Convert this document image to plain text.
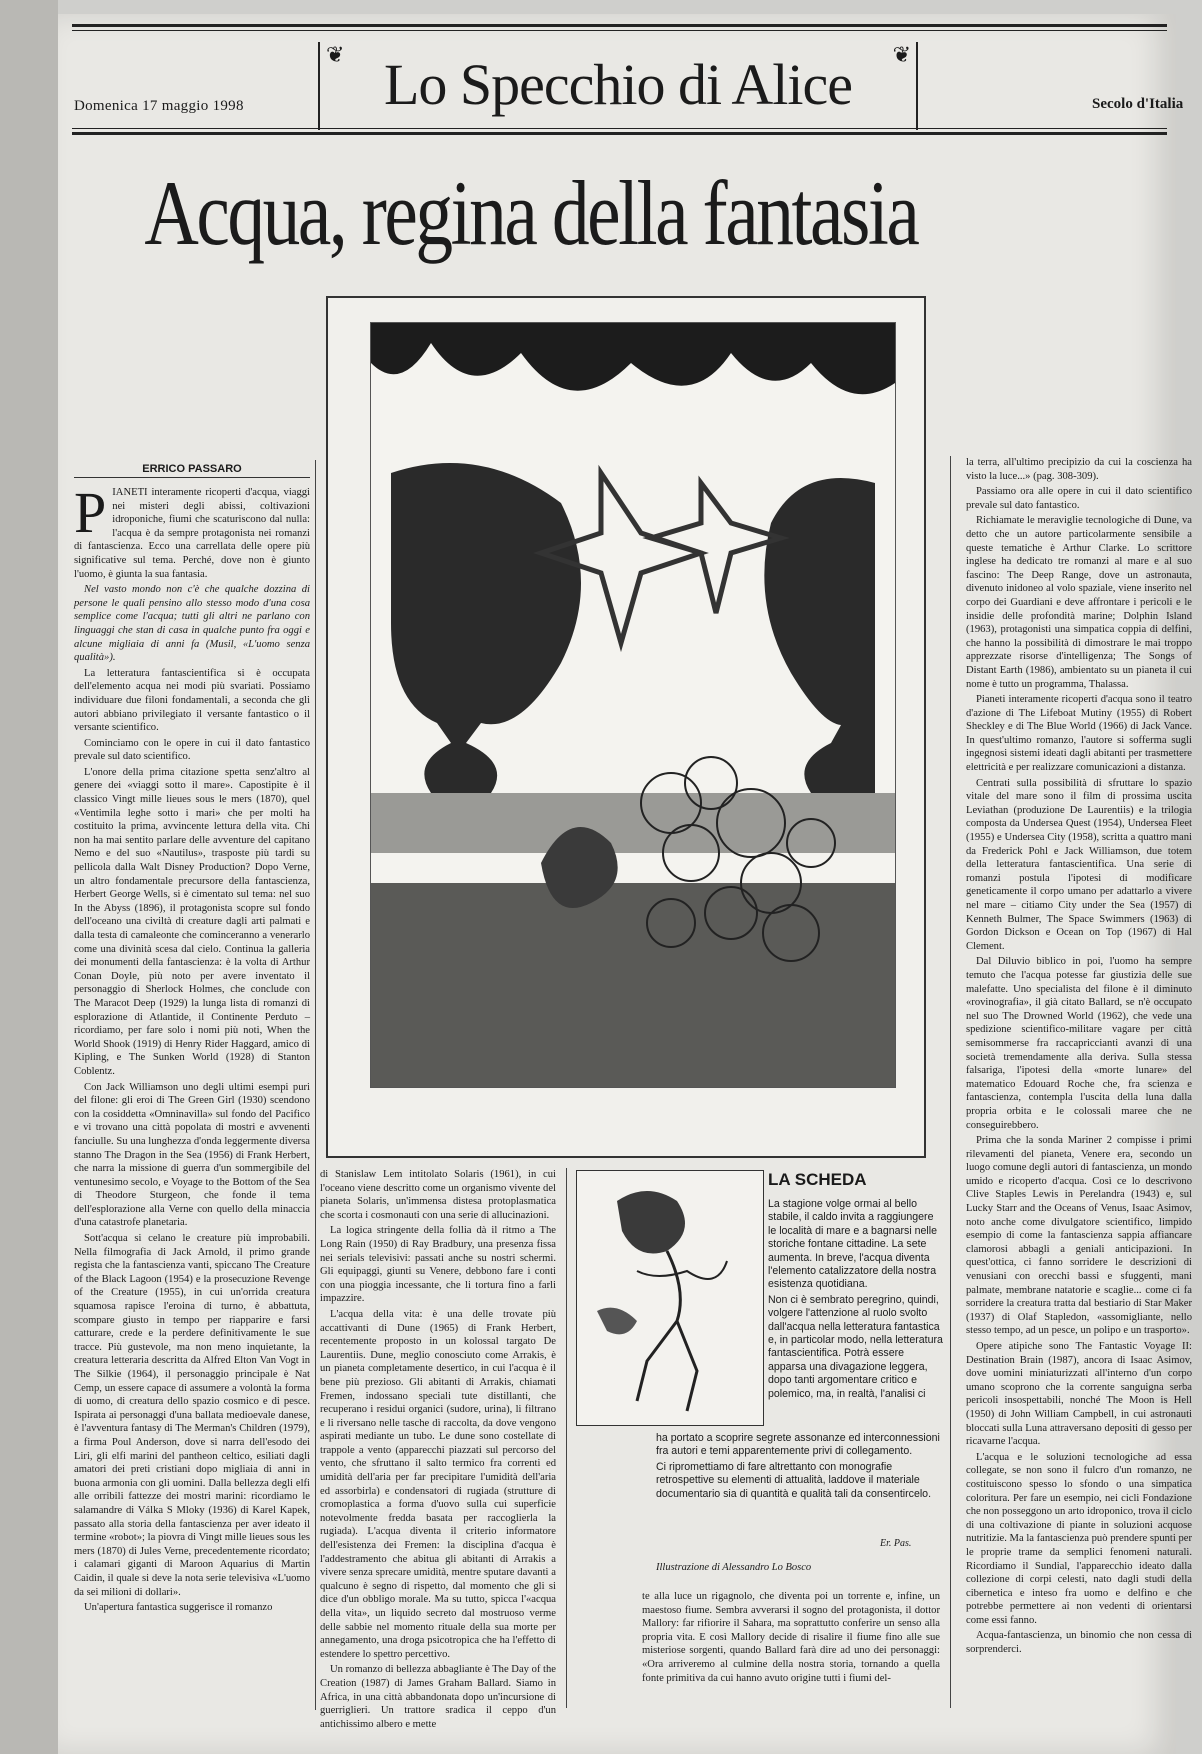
Domenica 17 maggio 1998	Secolo d'Italia
❦ Lo Specchio di Alice ❦
Acqua, regina della fantasia
ERRICO PASSARO

PIANETI interamente ricoperti d'acqua, viaggi nei misteri degli abissi, coltivazioni idroponiche, fiumi che scaturiscono dal nulla: l'acqua è da sempre protagonista nei romanzi di fantascienza. Ecco una carrellata delle opere più significative sul tema. Perché, dove non è giunto l'uomo, è giunta la sua fantasia.

Nel vasto mondo non c'è che qualche dozzina di persone le quali pensino allo stesso modo d'una cosa semplice come l'acqua; tutti gli altri ne parlano con linguaggi che stan di casa in qualche punto fra oggi e alcune migliaia di anni fa (Musil, «L'uomo senza qualità»).

La letteratura fantascientifica si è occupata dell'elemento acqua nei modi più svariati. Possiamo individuare due filoni fondamentali, a seconda che gli autori abbiano privilegiato il versante fantastico o il versante scientifico.

Cominciamo con le opere in cui il dato fantastico prevale sul dato scientifico.

L'onore della prima citazione spetta senz'altro al genere dei «viaggi sotto il mare». Capostipite è il classico Vingt mille lieues sous le mers (1870), quel «Ventimila leghe sotto i mari» che per molti ha costituito la prima, avvincente lettura della vita. Chi non ha mai sentito parlare delle avventure del capitano Nemo e del suo «Nautilus», trasposte più tardi su pellicola dalla Walt Disney Production? Dopo Verne, un altro fondamentale precursore della fantascienza, Herbert George Wells, si è cimentato sul tema: nel suo In the Abyss (1896), il protagonista scopre sul fondo dell'oceano una civiltà di creature dagli arti palmati e dalla testa di camaleonte che cominceranno a venerarlo come una divinità scesa dal cielo. Continua la galleria dei monumenti della fantascienza: è la volta di Arthur Conan Doyle, più noto per avere inventato il personaggio di Sherlock Holmes, che conclude con The Maracot Deep (1929) la lunga lista di romanzi di esplorazione di Atlantide, il Continente Perduto – ricordiamo, per fare solo i nomi più noti, When the World Shook (1919) di Henry Rider Haggard, amico di Kipling, e The Sunken World (1928) di Stanton Coblentz.

Con Jack Williamson uno degli ultimi esempi puri del filone: gli eroi di The Green Girl (1930) scendono con la cosiddetta «Omninavilla» sul fondo del Pacifico e vi trovano una città popolata di mostri e avvenenti fanciulle. Su una lunghezza d'onda leggermente diversa stanno The Dragon in the Sea (1956) di Frank Herbert, che narra la missione di guerra d'un sommergibile del ventunesimo secolo, e Voyage to the Bottom of the Sea di Theodore Sturgeon, che fonde il tema dell'esplorazione alla Verne con quello della minaccia d'una catastrofe planetaria.

Sott'acqua si celano le creature più improbabili. Nella filmografia di Jack Arnold, il primo grande regista che la fantascienza vanti, spiccano The Creature of the Black Lagoon (1954) e la prosecuzione Revenge of the Creature (1955), in cui un'orrida creatura squamosa rapisce l'eroina di turno, è abbattuta, scompare giusto in tempo per riapparire e farsi catturare, crede e la perdere definitivamente le sue tracce. Più gustevole, ma non meno inquietante, la creatura letteraria descritta da Alfred Elton Van Vogt in The Silkie (1964), il personaggio principale è Nat Cemp, un essere capace di assumere a volontà la forma di uomo, di creatura dello spazio cosmico e di pesce. Ispirata ai personaggi d'una ballata medioevale danese, è l'avventura fantasy di The Merman's Children (1979), a firma Poul Anderson, dove si narra dell'esodo dei Liri, gli elfi marini del pantheon celtico, esiliati dagli amatori dei preti cristiani dopo migliaia di anni in buona armonia con gli uomini. Dalla bellezza degli elfi alle orribili fattezze dei mostri marini: ricordiamo le salamandre di Válka S Mloky (1936) di Karel Kapek, passato alla storia della fantascienza per aver ideato il termine «robot»; la piovra di Vingt mille lieues sous les mers (1870) di Jules Verne, precedentemente ricordato; i calamari giganti di Maroon Aquarius di Martin Caidin, il quale si deve la nota serie televisiva «L'uomo da sei milioni di dollari».

Un'apertura fantastica suggerisce il romanzo

di Stanislaw Lem intitolato Solaris (1961), in cui l'oceano viene descritto come un organismo vivente del pianeta Solaris, un'immensa distesa protoplasmatica che scorta i cosmonauti con una serie di allucinazioni.

La logica stringente della follia dà il ritmo a The Long Rain (1950) di Ray Bradbury, una presenza fissa nei serials televisivi: passati anche su nostri schermi. Gli equipaggi, giunti su Venere, debbono fare i conti con una pioggia incessante, che li tortura fino a farli impazzire.

L'acqua della vita: è una delle trovate più accattivanti di Dune (1965) di Frank Herbert, recentemente proposto in un kolossal targato De Laurentiis. Dune, meglio conosciuto come Arrakis, è un pianeta completamente desertico, in cui l'acqua è il bene più prezioso. Gli abitanti di Arrakis, chiamati Fremen, indossano speciali tute distillanti, che recuperano i residui organici (sudore, urina), li filtrano e li riversano nelle tasche di raccolta, da dove vengono aspirati mediante un tubo. Le dune sono costellate di trappole a vento (apparecchi piazzati sul percorso del vento, che sfruttano il salto termico fra correnti ed umidità dell'aria per far precipitare l'umidità dell'aria ed assorbirla) e condensatori di rugiada (strutture di cromoplastica a forma d'uovo sulla cui superficie notevolmente fredda basata per raccoglierla la rugiada). L'acqua diventa il criterio informatore dell'esistenza dei Fremen: la disciplina d'acqua è l'addestramento che abitua gli abitanti di Arrakis a vivere senza sprecare umidità, mentre sputare davanti a qualcuno è segno di rispetto, dal momento che gli si dice d'un obbligo morale. Ma su tutto, spicca l'«acqua della vita», un liquido secreto dal mostruoso verme delle sabbie nel momento rituale della sua morte per annegamento, una droga psicotropica che ha l'effetto di estendere lo spettro percettivo.

Un romanzo di bellezza abbagliante è The Day of the Creation (1987) di James Graham Ballard. Siamo in Africa, in una città abbandonata dopo un'incursione di guerriglieri. Un trattore sradica il ceppo d'un antichissimo albero e mette

LA SCHEDA

La stagione volge ormai al bello stabile, il caldo invita a raggiungere le località di mare e a bagnarsi nelle storiche fontane cittadine. La sete aumenta. In breve, l'acqua diventa l'elemento catalizzatore della nostra esistenza quotidiana.

Non ci è sembrato peregrino, quindi, volgere l'attenzione al ruolo svolto dall'acqua nella letteratura fantastica e, in particolar modo, nella letteratura fantascientifica. Potrà essere apparsa una divagazione leggera, dopo tanti argomentare critico e polemico, ma, in realtà, l'analisi ci

ha portato a scoprire segrete assonanze ed interconnessioni fra autori e temi apparentemente privi di collegamento.

Ci ripromettiamo di fare altrettanto con monografie retrospettive su elementi di attualità, laddove il materiale documentario sia di quantità e qualità tali da consentircelo.

Er. Pas.
Illustrazione di Alessandro Lo Bosco

te alla luce un rigagnolo, che diventa poi un torrente e, infine, un maestoso fiume. Sembra avverarsi il sogno del protagonista, il dottor Mallory: far rifiorire il Sahara, ma soprattutto conferire un senso alla propria vita. E così Mallory decide di risalire il fiume fino alle sue misteriose sorgenti, quando Ballard farà dire ad uno dei personaggi: «Ora arriveremo al culmine della nostra storia, tornando a quella fonte primitiva da cui hanno avuto origine tutti i fiumi del-

la terra, all'ultimo precipizio da cui la coscienza ha visto la luce...» (pag. 308-309).

Passiamo ora alle opere in cui il dato scientifico prevale sul dato fantastico.

Richiamate le meraviglie tecnologiche di Dune, va detto che un autore particolarmente sensibile a queste tematiche è Arthur Clarke. Lo scrittore inglese ha dedicato tre romanzi al mare e al suo fascino: The Deep Range, dove un astronauta, divenuto inidoneo al volo spaziale, viene inserito nel corpo dei Guardiani e deve affrontare i pericoli e le insidie delle profondità marine; Dolphin Island (1963), protagonisti una simpatica coppia di delfini, che hanno la possibilità di dimostrare le mai troppo apprezzate risorse d'intelligenza; The Songs of Distant Earth (1986), ambientato su un pianeta il cui nome è tutto un programma, Thalassa.

Pianeti interamente ricoperti d'acqua sono il teatro d'azione di The Lifeboat Mutiny (1955) di Robert Sheckley e di The Blue World (1966) di Jack Vance. In quest'ultimo romanzo, l'autore si sofferma sugli ingegnosi sistemi ideati dagli abitanti per trasmettere elettricità e per realizzare comunicazioni a distanza.

Centrati sulla possibilità di sfruttare lo spazio vitale del mare sono il film di prossima uscita Leviathan (produzione De Laurentiis) e la trilogia composta da Undersea Quest (1954), Undersea Fleet (1955) e Undersea City (1958), scritta a quattro mani da Frederick Pohl e Jack Williamson, due totem della letteratura fantascientifica. Una serie di romanzi postula l'ipotesi di modificare geneticamente il corpo umano per adattarlo a vivere nel mare – citiamo City under the Sea (1957) di Kenneth Bulmer, The Space Swimmers (1963) di Gordon Dickson e Ocean on Top (1967) di Hal Clement.

Dal Diluvio biblico in poi, l'uomo ha sempre temuto che l'acqua potesse far giustizia delle sue malefatte. Uno specialista del filone è il diminuto «rovinografia», il già citato Ballard, se n'è occupato nel suo The Drowned World (1962), che vede una spedizione scientifico-militare vagare per città semisommerse fra raccapriccianti avanzi di una società tremendamente alla deriva. Sulla stessa falsariga, l'ipotesi della «morte lunare» del matematico Edouard Roche che, fra scienza e fantascienza, contempla l'uscita della luna dalla propria orbita e le colossali maree che ne conseguirebbero.

Prima che la sonda Mariner 2 compisse i primi rilevamenti del pianeta, Venere era, secondo un luogo comune degli autori di fantascienza, un mondo umido e ricoperto d'acqua. Così ce lo descrivono Clive Staples Lewis in Perelandra (1943) e, sul Lucky Starr and the Oceans of Venus, Isaac Asimov, noto anche come divulgatore scientifico, limpido esempio di come la fantascienza sappia affiancare clamorosi abbagli a geniali anticipazioni. In quest'ottica, ci fanno sorridere le descrizioni di venusiani con orecchi bassi e sfuggenti, mani palmate, membrane natatorie e scaglie... come ci fa sorridere la creatura tratta dal bestiario di Star Maker (1937) di Olaf Stapledon, «assomigliante, nello stesso tempo, ad un pesce, un polipo e un trasporto».

Opere atipiche sono The Fantastic Voyage II: Destination Brain (1987), ancora di Isaac Asimov, dove uomini miniaturizzati all'interno d'un corpo umano scoprono che la corrente sanguigna serba pericoli insospettabili, nonché The Moon is Hell (1950) di John William Campbell, in cui astronauti bloccati sulla Luna attraversano depositi di gesso per ricavarne l'acqua.

L'acqua e le soluzioni tecnologiche ad essa collegate, se non sono il fulcro d'un romanzo, ne costituiscono spesso lo sfondo o una simpatica coloritura. Per fare un esempio, nei cicli Fondazione che non posseggono un arto idroponico, trova il ciclo di una coltivazione di piante in soluzioni acquose nutritizie. Ma la fantascienza può prendere spunti per le proprie trame da semplici fenomeni naturali. Ricordiamo il Sundial, l'apparecchio ideato dalla collezione di corpi celesti, nato dagli studi della cibernetica e inteso fra uomo e delfino e che potrebbe permettere ai non vedenti di orientarsi come essi fanno.

Acqua-fantascienza, un binomio che non cessa di sorprenderci.
